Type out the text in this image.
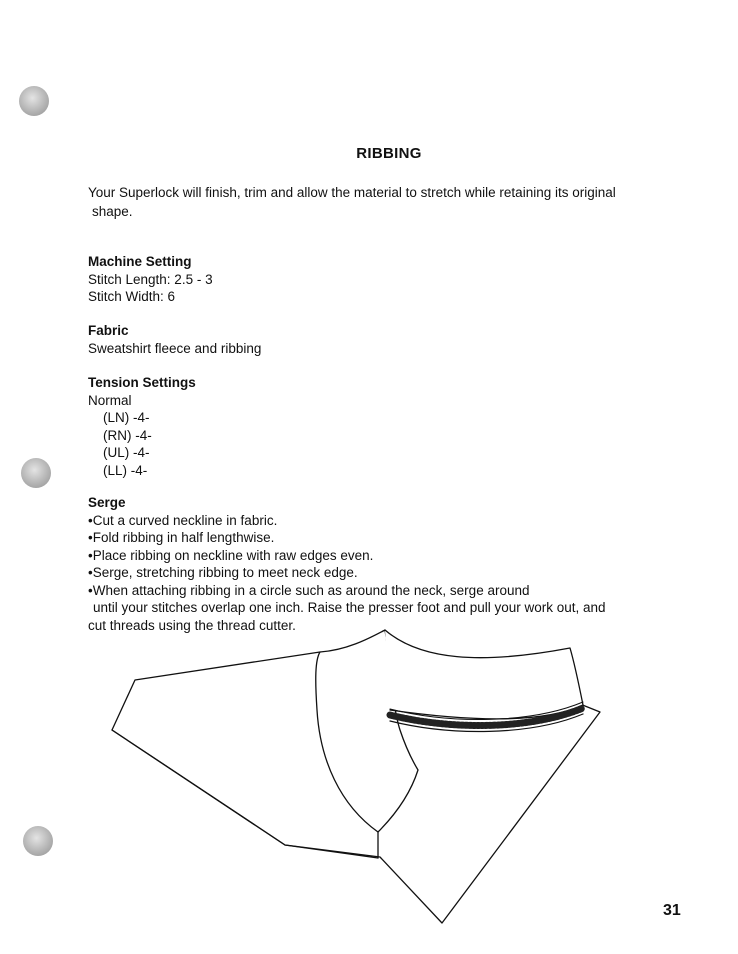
RIBBING
Your Superlock will finish, trim and allow the material to stretch while retaining its original
shape.
Machine Setting
Stitch Length: 2.5 - 3
Stitch Width: 6
Fabric
Sweatshirt fleece and ribbing
Tension Settings
Normal
(LN) -4-
(RN) -4-
(UL) -4-
(LL) -4-
Serge
•Cut a curved neckline in fabric.
•Fold ribbing in half lengthwise.
•Place ribbing on neckline with raw edges even.
•Serge, stretching ribbing to meet neck edge.
•When attaching ribbing in a circle such as around the neck, serge around
until your stitches overlap one inch. Raise the presser foot and pull your work out, and
cut threads using the thread cutter.
31
